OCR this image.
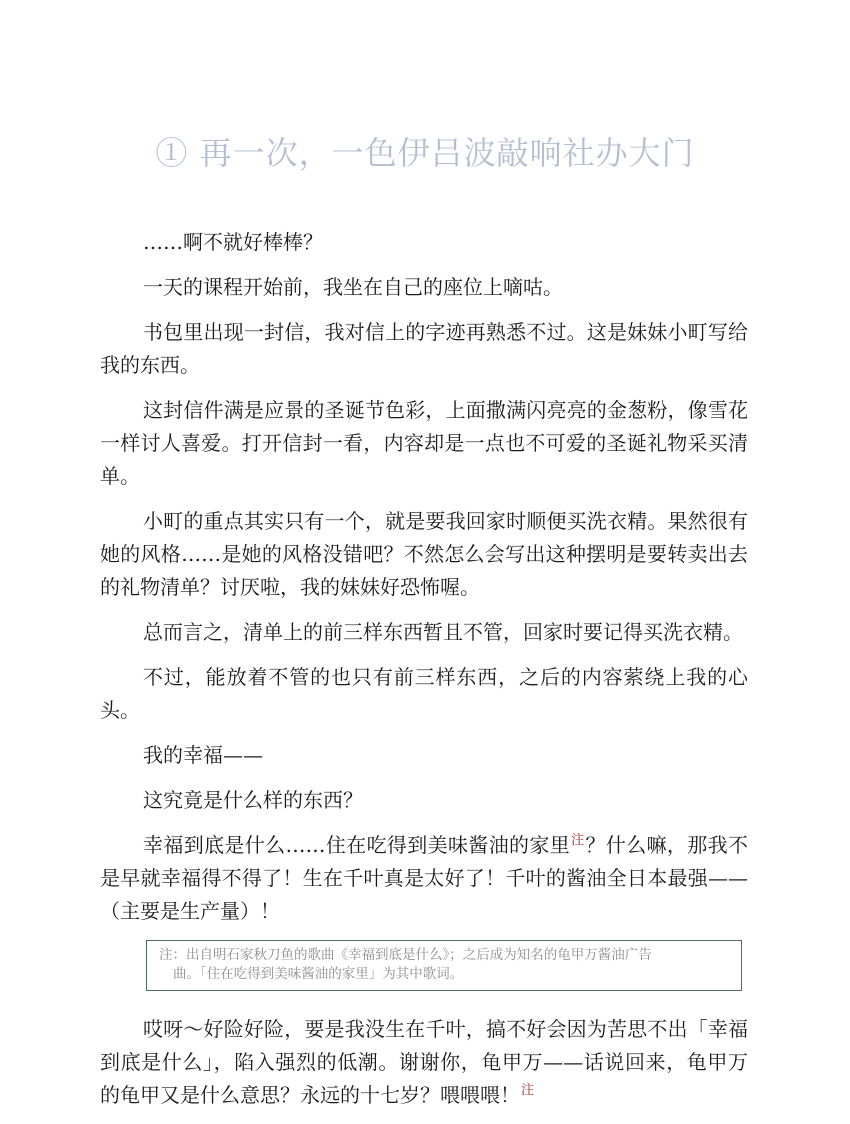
① 再一次，一色伊吕波敲响社办大门

……啊不就好棒棒？

一天的课程开始前，我坐在自己的座位上嘀咕。

书包里出现一封信，我对信上的字迹再熟悉不过。这是妹妹小町写给我的东西。

这封信件满是应景的圣诞节色彩，上面撒满闪亮亮的金葱粉，像雪花一样讨人喜爱。打开信封一看，内容却是一点也不可爱的圣诞礼物采买清单。

小町的重点其实只有一个，就是要我回家时顺便买洗衣精。果然很有她的风格……是她的风格没错吧？不然怎么会写出这种摆明是要转卖出去的礼物清单？讨厌啦，我的妹妹好恐怖喔。

总而言之，清单上的前三样东西暂且不管，回家时要记得买洗衣精。

不过，能放着不管的也只有前三样东西，之后的内容萦绕上我的心头。

我的幸福——

这究竟是什么样的东西？

幸福到底是什么……住在吃得到美味酱油的家里$^注$？什么嘛，那我不是早就幸福得不得了！生在千叶真是太好了！千叶的酱油全日本最强——（主要是生产量）！

注：出自明石家秋刀鱼的歌曲《幸福到底是什么》；之后成为知名的龟甲万酱油广告
曲。「住在吃得到美味酱油的家里」为其中歌词。

哎呀～好险好险，要是我没生在千叶，搞不好会因为苦思不出「幸福到底是什么」，陷入强烈的低潮。谢谢你，龟甲万——话说回来，龟甲万的龟甲又是什么意思？永远的十七岁？喂喂喂！$^注$
